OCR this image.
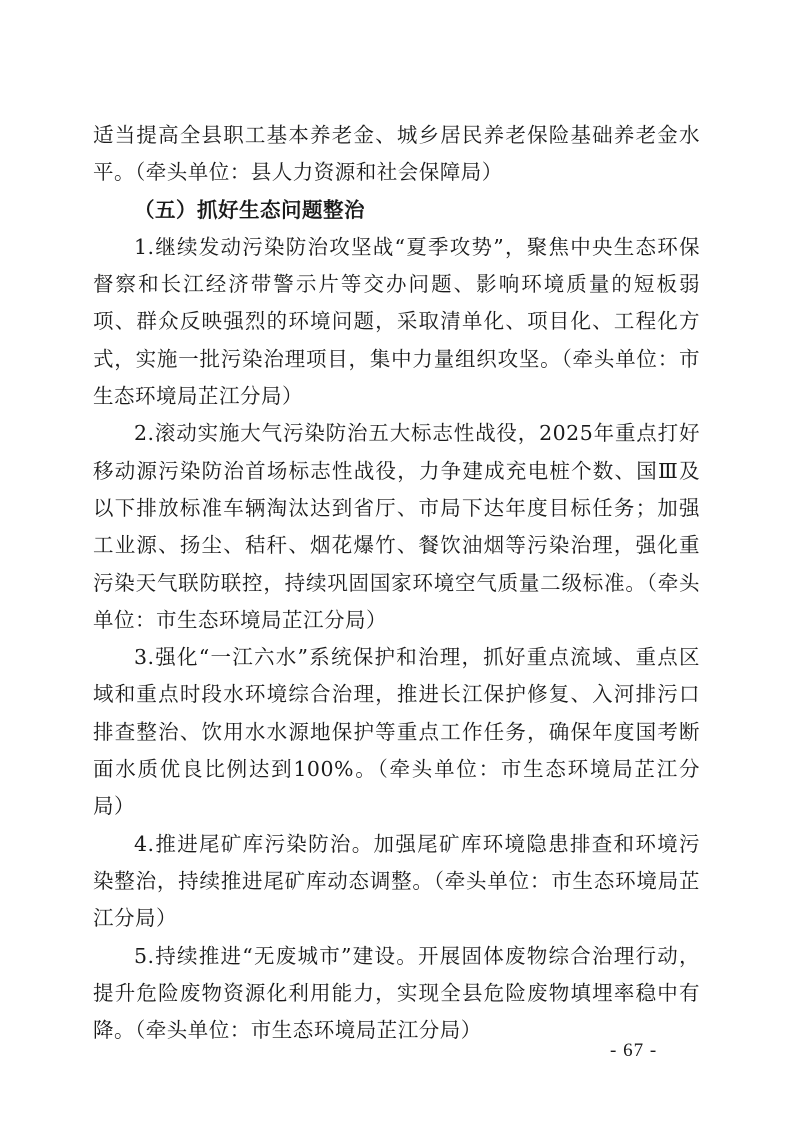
适当提高全县职工基本养老金、城乡居民养老保险基础养老金水平。（牵头单位：县人力资源和社会保障局）

（五）抓好生态问题整治

1.继续发动污染防治攻坚战“夏季攻势”，聚焦中央生态环保督察和长江经济带警示片等交办问题、影响环境质量的短板弱项、群众反映强烈的环境问题，采取清单化、项目化、工程化方式，实施一批污染治理项目，集中力量组织攻坚。（牵头单位：市生态环境局芷江分局）

2.滚动实施大气污染防治五大标志性战役，2025年重点打好移动源污染防治首场标志性战役，力争建成充电桩个数、国Ⅲ及以下排放标准车辆淘汰达到省厅、市局下达年度目标任务；加强工业源、扬尘、秸秆、烟花爆竹、餐饮油烟等污染治理，强化重污染天气联防联控，持续巩固国家环境空气质量二级标准。（牵头单位：市生态环境局芷江分局）

3.强化“一江六水”系统保护和治理，抓好重点流域、重点区域和重点时段水环境综合治理，推进长江保护修复、入河排污口排查整治、饮用水水源地保护等重点工作任务，确保年度国考断面水质优良比例达到100%。（牵头单位：市生态环境局芷江分局）

4.推进尾矿库污染防治。加强尾矿库环境隐患排查和环境污染整治，持续推进尾矿库动态调整。（牵头单位：市生态环境局芷江分局）

5.持续推进“无废城市”建设。开展固体废物综合治理行动，提升危险废物资源化利用能力，实现全县危险废物填埋率稳中有降。（牵头单位：市生态环境局芷江分局）

- 67 -
